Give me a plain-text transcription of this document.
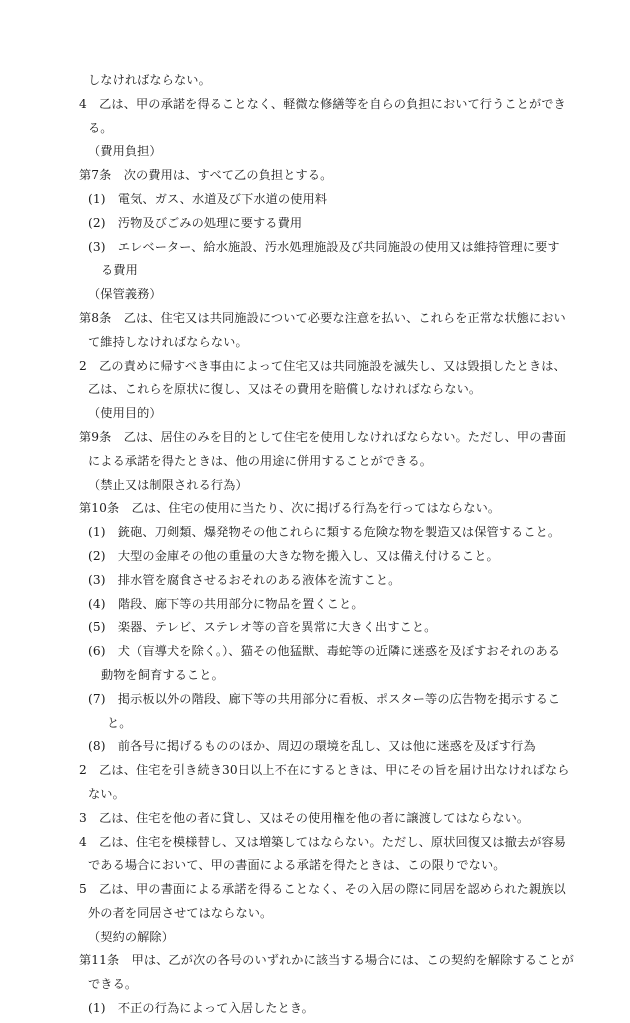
しなければならない。
4　乙は、甲の承諾を得ることなく、軽微な修繕等を自らの負担において行うことができ
る。
（費用負担）
第7条　次の費用は、すべて乙の負担とする。
(1)　電気、ガス、水道及び下水道の使用料
(2)　汚物及びごみの処理に要する費用
(3)　エレベーター、給水施設、汚水処理施設及び共同施設の使用又は維持管理に要す
る費用
（保管義務）
第8条　乙は、住宅又は共同施設について必要な注意を払い、これらを正常な状態におい
て維持しなければならない。
2　乙の責めに帰すべき事由によって住宅又は共同施設を滅失し、又は毀損したときは、
乙は、これらを原状に復し、又はその費用を賠償しなければならない。
（使用目的）
第9条　乙は、居住のみを目的として住宅を使用しなければならない。ただし、甲の書面
による承諾を得たときは、他の用途に併用することができる。
（禁止又は制限される行為）
第10条　乙は、住宅の使用に当たり、次に掲げる行為を行ってはならない。
(1)　銃砲、刀剣類、爆発物その他これらに類する危険な物を製造又は保管すること。
(2)　大型の金庫その他の重量の大きな物を搬入し、又は備え付けること。
(3)　排水管を腐食させるおそれのある液体を流すこと。
(4)　階段、廊下等の共用部分に物品を置くこと。
(5)　楽器、テレビ、ステレオ等の音を異常に大きく出すこと。
(6)　犬（盲導犬を除く。）、猫その他猛獣、毒蛇等の近隣に迷惑を及ぼすおそれのある
動物を飼育すること。
(7)　掲示板以外の階段、廊下等の共用部分に看板、ポスター等の広告物を掲示するこ
と。
(8)　前各号に掲げるもののほか、周辺の環境を乱し、又は他に迷惑を及ぼす行為
2　乙は、住宅を引き続き30日以上不在にするときは、甲にその旨を届け出なければなら
ない。
3　乙は、住宅を他の者に貸し、又はその使用権を他の者に譲渡してはならない。
4　乙は、住宅を模様替し、又は増築してはならない。ただし、原状回復又は撤去が容易
である場合において、甲の書面による承諾を得たときは、この限りでない。
5　乙は、甲の書面による承諾を得ることなく、その入居の際に同居を認められた親族以
外の者を同居させてはならない。
（契約の解除）
第11条　甲は、乙が次の各号のいずれかに該当する場合には、この契約を解除することが
できる。
(1)　不正の行為によって入居したとき。
